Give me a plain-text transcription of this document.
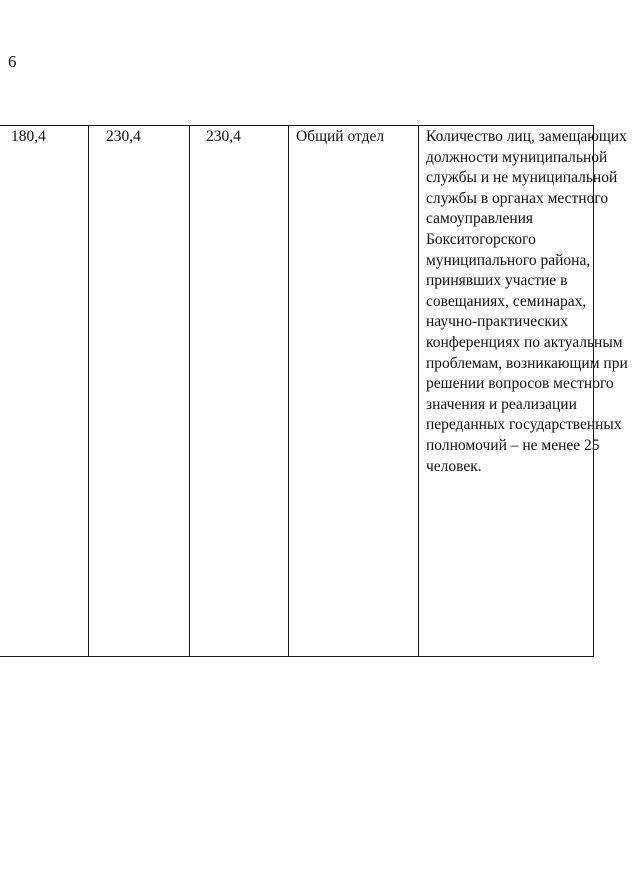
6
180,4	230,4	230,4	Общий отдел	Количество лиц, замещающих
должности муниципальной
службы и не муниципальной
службы в органах местного
самоуправления
Бокситогорского
муниципального района,
принявших участие в
совещаниях, семинарах,
научно-практических
конференциях по актуальным
проблемам, возникающим при
решении вопросов местного
значения и реализации
переданных государственных
полномочий – не менее 25
человек.
